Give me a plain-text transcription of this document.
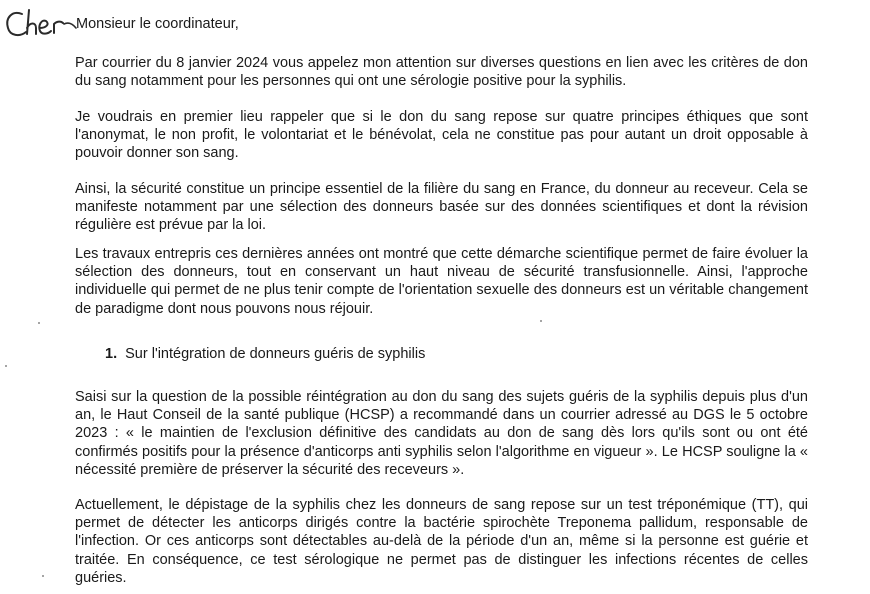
Monsieur le coordinateur,

Par courrier du 8 janvier 2024 vous appelez mon attention sur diverses questions en lien avec les critères de don du sang notamment pour les personnes qui ont une sérologie positive pour la syphilis.

Je voudrais en premier lieu rappeler que si le don du sang repose sur quatre principes éthiques que sont l'anonymat, le non profit, le volontariat et le bénévolat, cela ne constitue pas pour autant un droit opposable à pouvoir donner son sang.

Ainsi, la sécurité constitue un principe essentiel de la filière du sang en France, du donneur au receveur. Cela se manifeste notamment par une sélection des donneurs basée sur des données scientifiques et dont la révision régulière est prévue par la loi.

Les travaux entrepris ces dernières années ont montré que cette démarche scientifique permet de faire évoluer la sélection des donneurs, tout en conservant un haut niveau de sécurité transfusionnelle. Ainsi, l'approche individuelle qui permet de ne plus tenir compte de l'orientation sexuelle des donneurs est un véritable changement de paradigme dont nous pouvons nous réjouir.

1. Sur l'intégration de donneurs guéris de syphilis

Saisi sur la question de la possible réintégration au don du sang des sujets guéris de la syphilis depuis plus d'un an, le Haut Conseil de la santé publique (HCSP) a recommandé dans un courrier adressé au DGS le 5 octobre 2023 : « le maintien de l'exclusion définitive des candidats au don de sang dès lors qu'ils sont ou ont été confirmés positifs pour la présence d'anticorps anti syphilis selon l'algorithme en vigueur ». Le HCSP souligne la « nécessité première de préserver la sécurité des receveurs ».

Actuellement, le dépistage de la syphilis chez les donneurs de sang repose sur un test tréponémique (TT), qui permet de détecter les anticorps dirigés contre la bactérie spirochète Treponema pallidum, responsable de l'infection. Or ces anticorps sont détectables au-delà de la période d'un an, même si la personne est guérie et traitée. En conséquence, ce test sérologique ne permet pas de distinguer les infections récentes de celles guéries.
